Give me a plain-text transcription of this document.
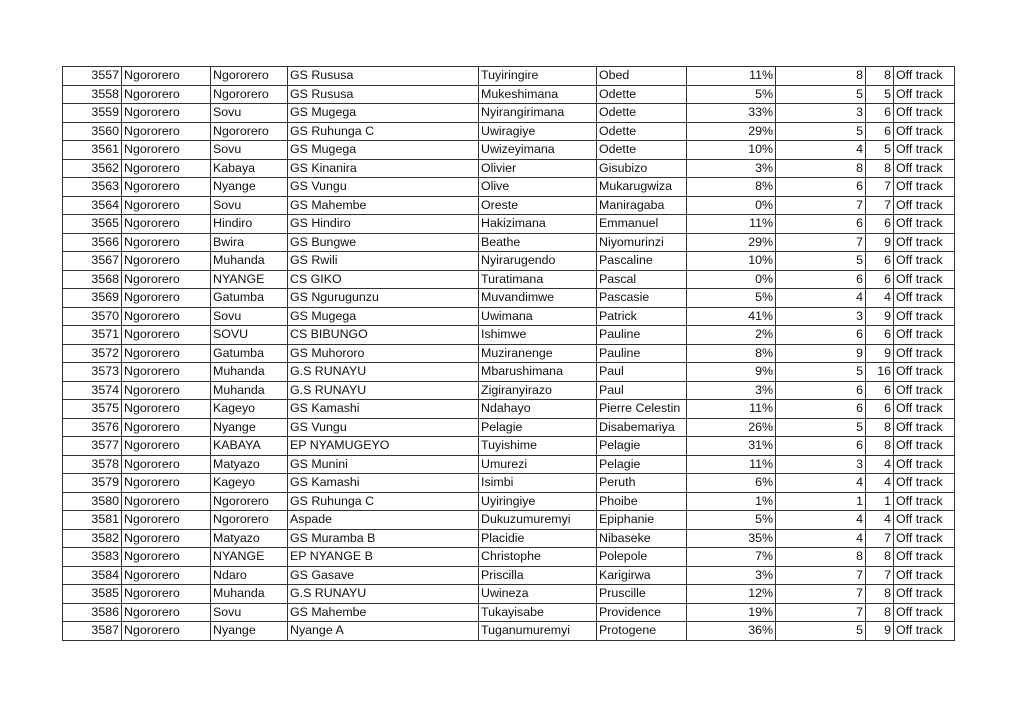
3557	Ngororero	Ngororero	GS Rususa	Tuyiringire	Obed	11%	8	8	Off track
3558	Ngororero	Ngororero	GS Rususa	Mukeshimana	Odette	5%	5	5	Off track
3559	Ngororero	Sovu	GS Mugega	Nyirangirimana	Odette	33%	3	6	Off track
3560	Ngororero	Ngororero	GS Ruhunga C	Uwiragiye	Odette	29%	5	6	Off track
3561	Ngororero	Sovu	GS Mugega	Uwizeyimana	Odette	10%	4	5	Off track
3562	Ngororero	Kabaya	GS Kinanira	Olivier	Gisubizo	3%	8	8	Off track
3563	Ngororero	Nyange	GS Vungu	Olive	Mukarugwiza	8%	6	7	Off track
3564	Ngororero	Sovu	GS Mahembe	Oreste	Maniragaba	0%	7	7	Off track
3565	Ngororero	Hindiro	GS Hindiro	Hakizimana	Emmanuel	11%	6	6	Off track
3566	Ngororero	Bwira	GS Bungwe	Beathe	Niyomurinzi	29%	7	9	Off track
3567	Ngororero	Muhanda	GS Rwili	Nyirarugendo	Pascaline	10%	5	6	Off track
3568	Ngororero	NYANGE	CS GIKO	Turatimana	Pascal	0%	6	6	Off track
3569	Ngororero	Gatumba	GS Ngurugunzu	Muvandimwe	Pascasie	5%	4	4	Off track
3570	Ngororero	Sovu	GS Mugega	Uwimana	Patrick	41%	3	9	Off track
3571	Ngororero	SOVU	CS BIBUNGO	Ishimwe	Pauline	2%	6	6	Off track
3572	Ngororero	Gatumba	GS Muhororo	Muziranenge	Pauline	8%	9	9	Off track
3573	Ngororero	Muhanda	G.S RUNAYU	Mbarushimana	Paul	9%	5	16	Off track
3574	Ngororero	Muhanda	G.S RUNAYU	Zigiranyirazo	Paul	3%	6	6	Off track
3575	Ngororero	Kageyo	GS Kamashi	Ndahayo	Pierre Celestin	11%	6	6	Off track
3576	Ngororero	Nyange	GS Vungu	Pelagie	Disabemariya	26%	5	8	Off track
3577	Ngororero	KABAYA	EP NYAMUGEYO	Tuyishime	Pelagie	31%	6	8	Off track
3578	Ngororero	Matyazo	GS Munini	Umurezi	Pelagie	11%	3	4	Off track
3579	Ngororero	Kageyo	GS Kamashi	Isimbi	Peruth	6%	4	4	Off track
3580	Ngororero	Ngororero	GS Ruhunga C	Uyiringiye	Phoibe	1%	1	1	Off track
3581	Ngororero	Ngororero	Aspade	Dukuzumuremyi	Epiphanie	5%	4	4	Off track
3582	Ngororero	Matyazo	GS Muramba B	Placidie	Nibaseke	35%	4	7	Off track
3583	Ngororero	NYANGE	EP NYANGE B	Christophe	Polepole	7%	8	8	Off track
3584	Ngororero	Ndaro	GS Gasave	Priscilla	Karigirwa	3%	7	7	Off track
3585	Ngororero	Muhanda	G.S RUNAYU	Uwineza	Pruscille	12%	7	8	Off track
3586	Ngororero	Sovu	GS Mahembe	Tukayisabe	Providence	19%	7	8	Off track
3587	Ngororero	Nyange	Nyange A	Tuganumuremyi	Protogene	36%	5	9	Off track
